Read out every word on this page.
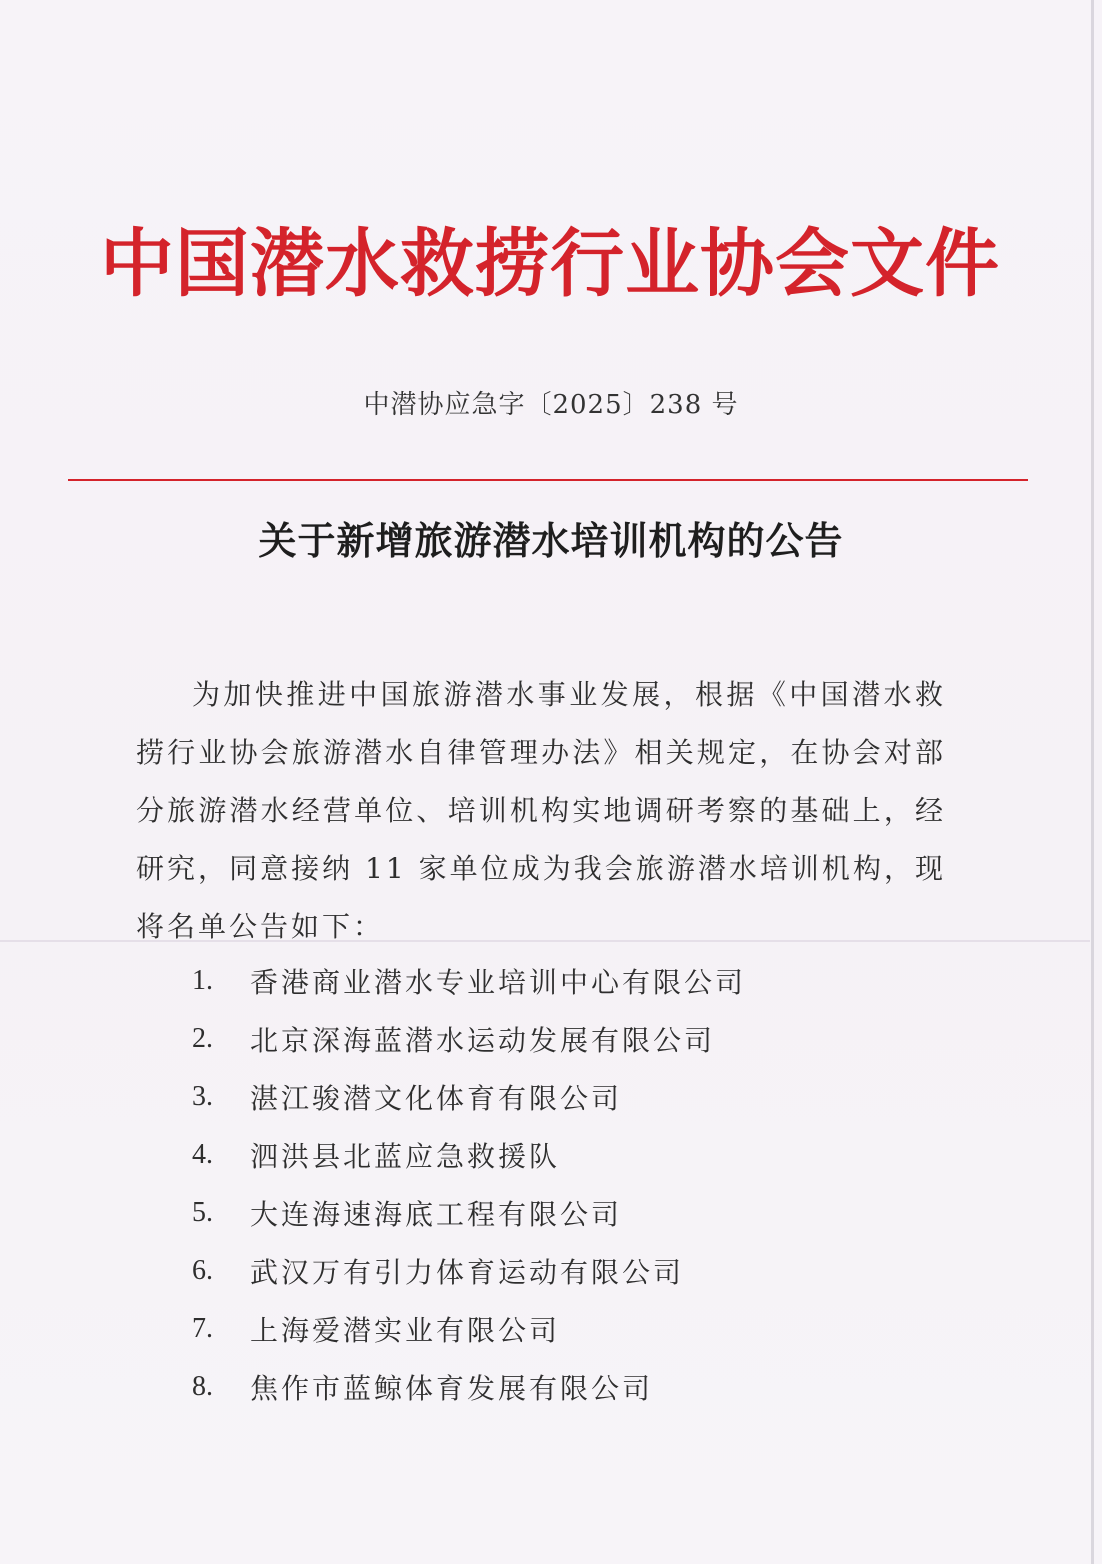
中国潜水救捞行业协会文件
中潜协应急字〔2025〕238 号
关于新增旅游潜水培训机构的公告

为加快推进中国旅游潜水事业发展，根据《中国潜水救捞行业协会旅游潜水自律管理办法》相关规定，在协会对部分旅游潜水经营单位、培训机构实地调研考察的基础上，经研究，同意接纳 11 家单位成为我会旅游潜水培训机构，现将名单公告如下：

1.	香港商业潜水专业培训中心有限公司
2.	北京深海蓝潜水运动发展有限公司
3.	湛江骏潜文化体育有限公司
4.	泗洪县北蓝应急救援队
5.	大连海速海底工程有限公司
6.	武汉万有引力体育运动有限公司
7.	上海爱潜实业有限公司
8.	焦作市蓝鲸体育发展有限公司
